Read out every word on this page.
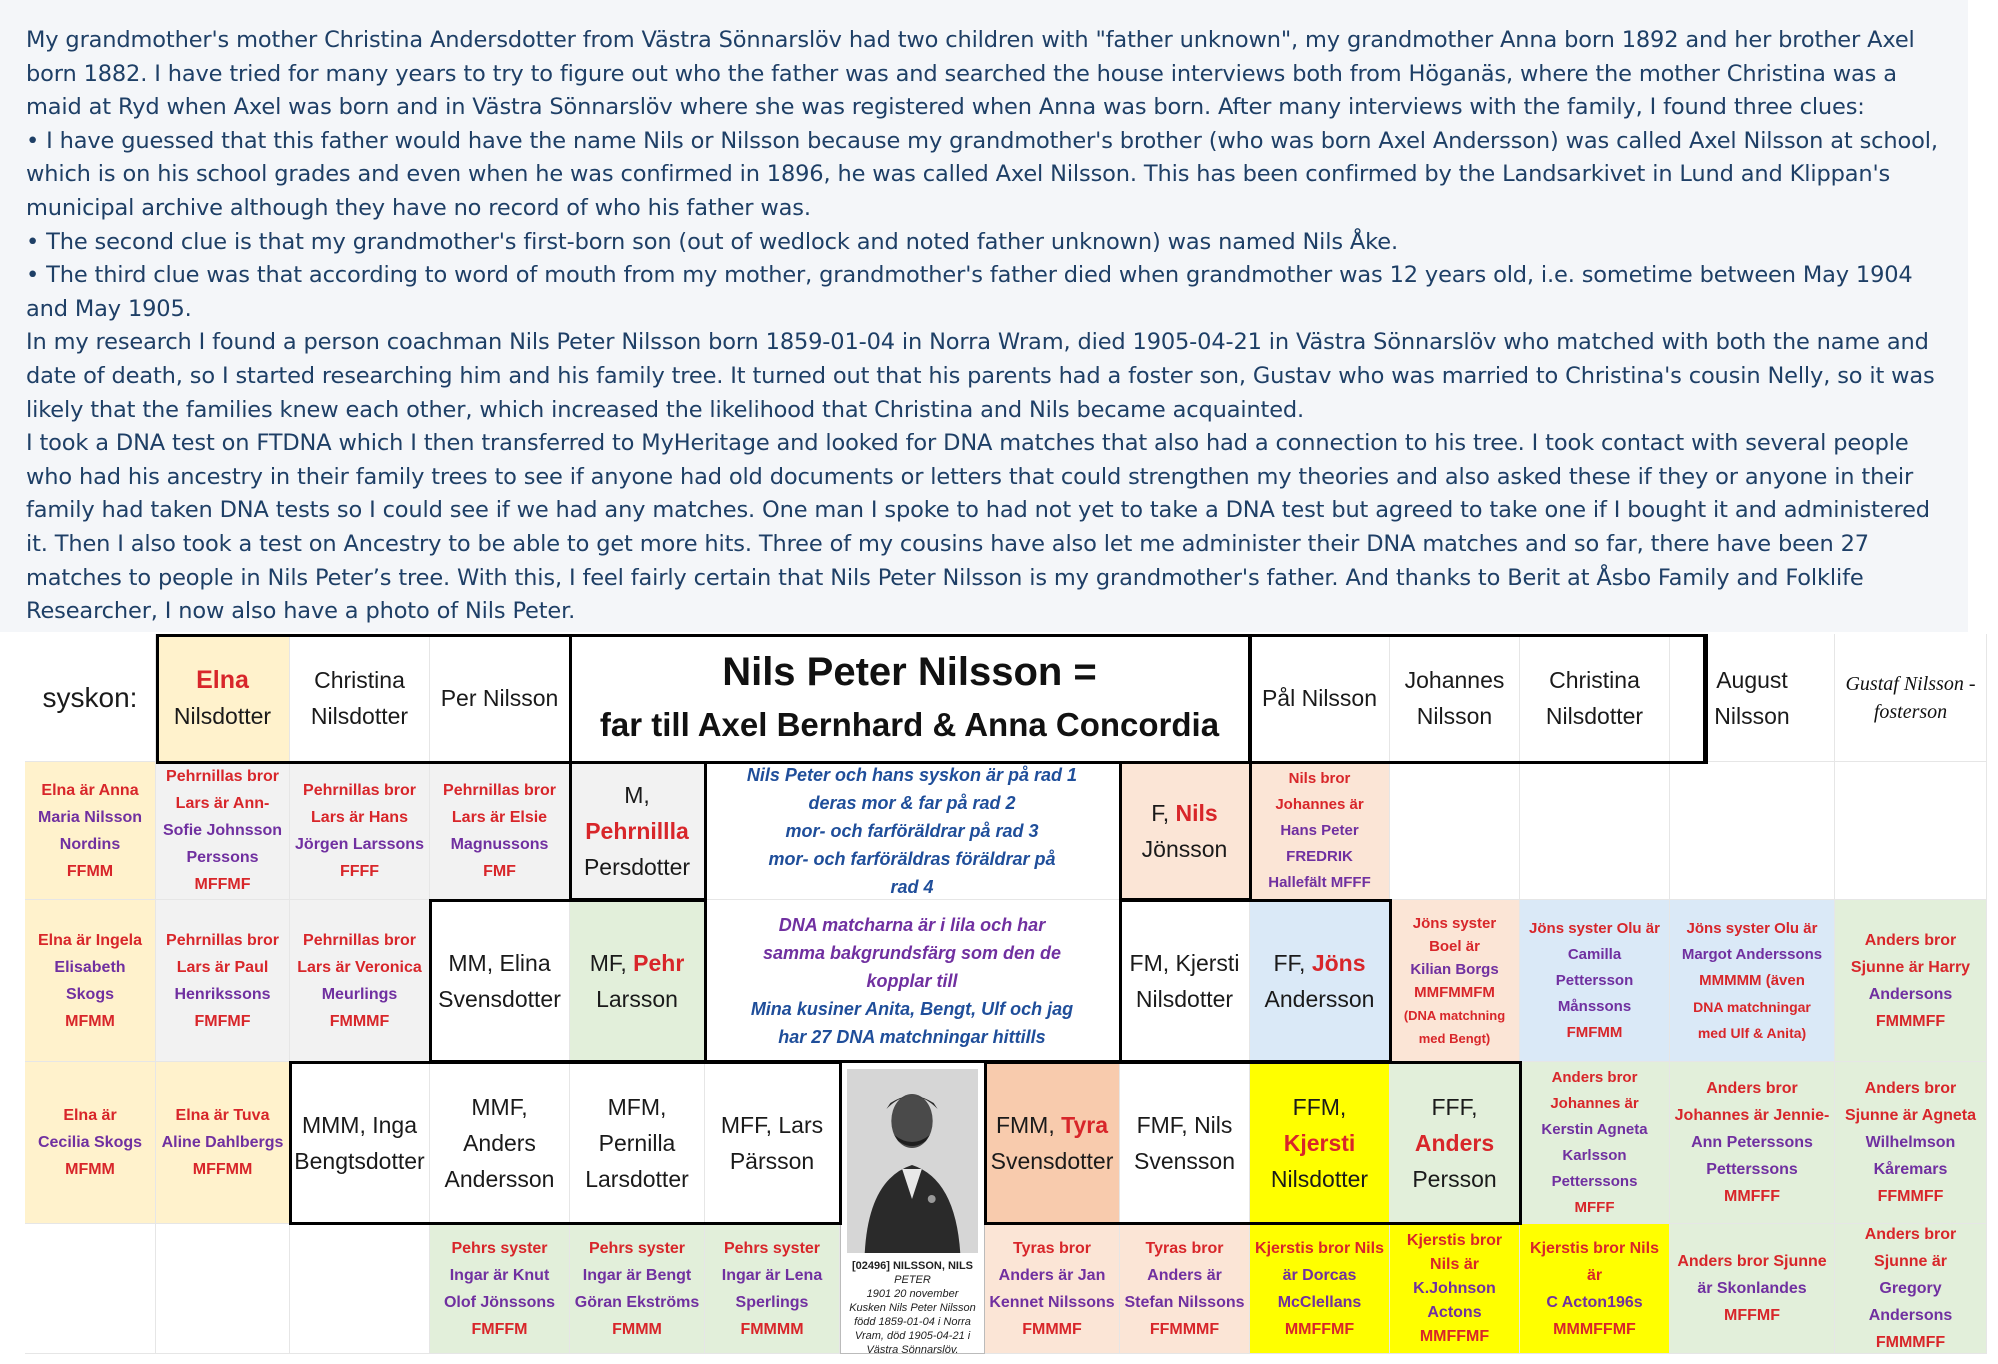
My grandmother's mother Christina Andersdotter from Västra Sönnarslöv had two children with "father unknown", my grandmother Anna born 1892 and her brother Axel born 1882. I have tried for many years to try to figure out who the father was and searched the house interviews both from Höganäs, where the mother Christina was a maid at Ryd when Axel was born and in Västra Sönnarslöv where she was registered when Anna was born. After many interviews with the family, I found three clues:

• I have guessed that this father would have the name Nils or Nilsson because my grandmother's brother (who was born Axel Andersson) was called Axel Nilsson at school, which is on his school grades and even when he was confirmed in 1896, he was called Axel Nilsson. This has been confirmed by the Landsarkivet in Lund and Klippan's municipal archive although they have no record of who his father was.

• The second clue is that my grandmother's first-born son (out of wedlock and noted father unknown) was named Nils Åke.

• The third clue was that according to word of mouth from my mother, grandmother's father died when grandmother was 12 years old, i.e. sometime between May 1904 and May 1905.

In my research I found a person coachman Nils Peter Nilsson born 1859-01-04 in Norra Wram, died 1905-04-21 in Västra Sönnarslöv who matched with both the name and date of death, so I started researching him and his family tree. It turned out that his parents had a foster son, Gustav who was married to Christina's cousin Nelly, so it was likely that the families knew each other, which increased the likelihood that Christina and Nils became acquainted.

I took a DNA test on FTDNA which I then transferred to MyHeritage and looked for DNA matches that also had a connection to his tree. I took contact with several people who had his ancestry in their family trees to see if anyone had old documents or letters that could strengthen my theories and also asked these if they or anyone in their family had taken DNA tests so I could see if we had any matches. One man I spoke to had not yet to take a DNA test but agreed to take one if I bought it and administered it. Then I also took a test on Ancestry to be able to get more hits. Three of my cousins have also let me administer their DNA matches and so far, there have been 27 matches to people in Nils Peter’s tree. With this, I feel fairly certain that Nils Peter Nilsson is my grandmother's father. And thanks to Berit at Åsbo Family and Folklife Researcher, I now also have a photo of Nils Peter.

syskon:
Elna
Nilsdotter
Christina
Nilsdotter
Per Nilsson
Nils Peter Nilsson =
far till Axel Bernhard & Anna Concordia
Pål Nilsson
Johannes
Nilsson
Christina
Nilsdotter
August
Nilsson
Gustaf Nilsson -
fosterson
Elna är Anna
Maria Nilsson
Nordins
FFMM
Pehrnillas bror
Lars är Ann-
Sofie Johnsson
Perssons
MFFMF
Pehrnillas bror
Lars är Hans
Jörgen Larssons
FFFF
Pehrnillas bror
Lars är Elsie
Magnussons
FMF
M,
Pehrnillla
Persdotter
Nils Peter och hans syskon är på rad 1
deras mor & far på rad 2
mor- och farföräldrar på rad 3
mor- och farföräldras föräldrar på
rad 4
F, Nils
Jönsson
Nils bror
Johannes är
Hans Peter
FREDRIK
Hallefält MFFF
Elna är Ingela
Elisabeth Skogs
MFMM
Pehrnillas bror
Lars är Paul
Henrikssons
FMFMF
Pehrnillas bror
Lars är Veronica
Meurlings
FMMMF
MM, Elina
Svensdotter
MF, Pehr
Larsson
DNA matcharna är i lila och har
samma bakgrundsfärg som den de
kopplar till
Mina kusiner Anita, Bengt, Ulf och jag
har 27 DNA matchningar hittills
FM, Kjersti
Nilsdotter
FF, Jöns
Andersson
Jöns syster
Boel är
Kilian Borgs
MMFMMFM
(DNA matchning
med Bengt)
Jöns syster Olu är
Camilla
Pettersson
Månssons
FMFMM
Jöns syster Olu är
Margot Anderssons
MMMMM (även
DNA matchningar
med Ulf & Anita)
Anders bror
Sjunne är Harry
Andersons
FMMMFF
Elna är
Cecilia Skogs
MFMM
Elna är Tuva
Aline Dahlbergs
MFFMM
MMM, Inga
Bengtsdotter
MMF,
Anders
Andersson
MFM,
Pernilla
Larsdotter
MFF, Lars
Pärsson
FMM, Tyra
Svensdotter
FMF, Nils
Svensson
FFM, Kjersti
Nilsdotter
FFF,
Anders
Persson
Anders bror
Johannes är
Kerstin Agneta
Karlsson
Petterssons
MFFF
Anders bror
Johannes är Jennie-
Ann Peterssons
Petterssons
MMFFF
Anders bror
Sjunne är Agneta
Wilhelmson
Kåremars
FFMMFF
Pehrs syster
Ingar är Knut
Olof Jönssons
FMFFM
Pehrs syster
Ingar är Bengt
Göran Ekströms
FMMM
Pehrs syster
Ingar är Lena
Sperlings
FMMMM
Tyras bror
Anders är Jan
Kennet Nilssons
FMMMF
Tyras bror
Anders är
Stefan Nilssons
FFMMMF
Kjerstis bror Nils
är Dorcas
McClellans
MMFFMF
Kjerstis bror
Nils är
K.Johnson
Actons
MMFFMF
Kjerstis bror Nils
är
C Acton196s
MMMFFMF
Anders bror Sjunne
är Skonlandes
MFFMF
Anders bror
Sjunne är
Gregory
Andersons
FMMMFF
[02496] NILSSON, NILS
PETER
1901 20 november
Kusken Nils Peter Nilsson
född 1859-01-04 i Norra
Vram, död 1905-04-21 i
Västra Sönnarslöv.
